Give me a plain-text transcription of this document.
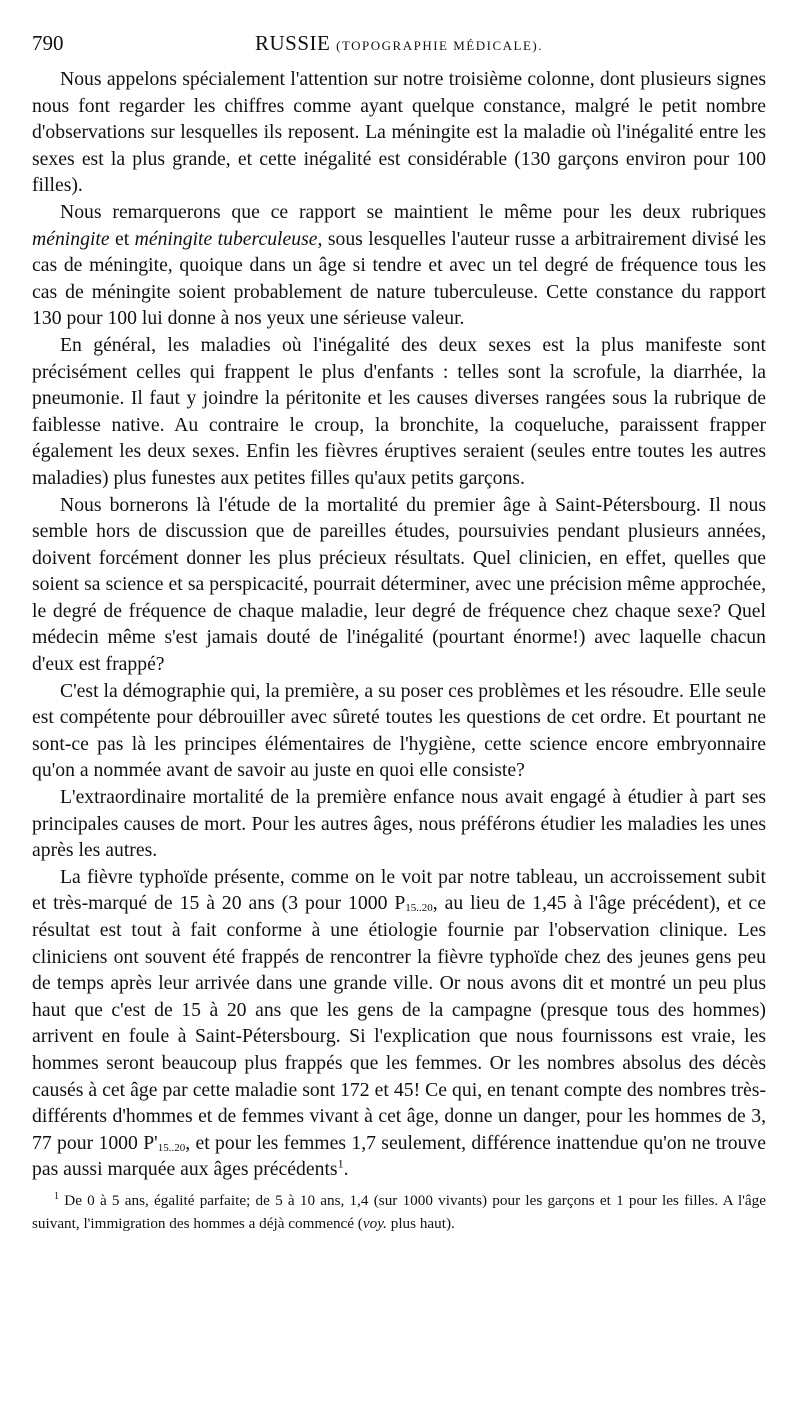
790	RUSSIE (TOPOGRAPHIE MÉDICALE).

Nous appelons spécialement l'attention sur notre troisième colonne, dont plusieurs signes nous font regarder les chiffres comme ayant quelque constance, malgré le petit nombre d'observations sur lesquelles ils reposent. La méningite est la maladie où l'inégalité entre les sexes est la plus grande, et cette inégalité est considérable (130 garçons environ pour 100 filles).

Nous remarquerons que ce rapport se maintient le même pour les deux rubriques méningite et méningite tuberculeuse, sous lesquelles l'auteur russe a arbitrairement divisé les cas de méningite, quoique dans un âge si tendre et avec un tel degré de fréquence tous les cas de méningite soient probablement de nature tuberculeuse. Cette constance du rapport 130 pour 100 lui donne à nos yeux une sérieuse valeur.

En général, les maladies où l'inégalité des deux sexes est la plus manifeste sont précisément celles qui frappent le plus d'enfants : telles sont la scrofule, la diarrhée, la pneumonie. Il faut y joindre la péritonite et les causes diverses rangées sous la rubrique de faiblesse native. Au contraire le croup, la bronchite, la coqueluche, paraissent frapper également les deux sexes. Enfin les fièvres éruptives seraient (seules entre toutes les autres maladies) plus funestes aux petites filles qu'aux petits garçons.

Nous bornerons là l'étude de la mortalité du premier âge à Saint-Pétersbourg. Il nous semble hors de discussion que de pareilles études, poursuivies pendant plusieurs années, doivent forcément donner les plus précieux résultats. Quel clinicien, en effet, quelles que soient sa science et sa perspicacité, pourrait déterminer, avec une précision même approchée, le degré de fréquence de chaque maladie, leur degré de fréquence chez chaque sexe? Quel médecin même s'est jamais douté de l'inégalité (pourtant énorme!) avec laquelle chacun d'eux est frappé?

C'est la démographie qui, la première, a su poser ces problèmes et les résoudre. Elle seule est compétente pour débrouiller avec sûreté toutes les questions de cet ordre. Et pourtant ne sont-ce pas là les principes élémentaires de l'hygiène, cette science encore embryonnaire qu'on a nommée avant de savoir au juste en quoi elle consiste?

L'extraordinaire mortalité de la première enfance nous avait engagé à étudier à part ses principales causes de mort. Pour les autres âges, nous préférons étudier les maladies les unes après les autres.

La fièvre typhoïde présente, comme on le voit par notre tableau, un accroissement subit et très-marqué de 15 à 20 ans (3 pour 1000 $P_{15..20}$, au lieu de 1,45 à l'âge précédent), et ce résultat est tout à fait conforme à une étiologie fournie par l'observation clinique. Les cliniciens ont souvent été frappés de rencontrer la fièvre typhoïde chez des jeunes gens peu de temps après leur arrivée dans une grande ville. Or nous avons dit et montré un peu plus haut que c'est de 15 à 20 ans que les gens de la campagne (presque tous des hommes) arrivent en foule à Saint-Pétersbourg. Si l'explication que nous fournissons est vraie, les hommes seront beaucoup plus frappés que les femmes. Or les nombres absolus des décès causés à cet âge par cette maladie sont 172 et 45! Ce qui, en tenant compte des nombres très-différents d'hommes et de femmes vivant à cet âge, donne un danger, pour les hommes de 3, 77 pour 1000 $P'_{15..20}$, et pour les femmes 1,7 seulement, différence inattendue qu'on ne trouve pas aussi marquée aux âges précédents$^1$.

$^1$ De 0 à 5 ans, égalité parfaite; de 5 à 10 ans, 1,4 (sur 1000 vivants) pour les garçons et 1 pour les filles. A l'âge suivant, l'immigration des hommes a déjà commencé (voy. plus haut).
